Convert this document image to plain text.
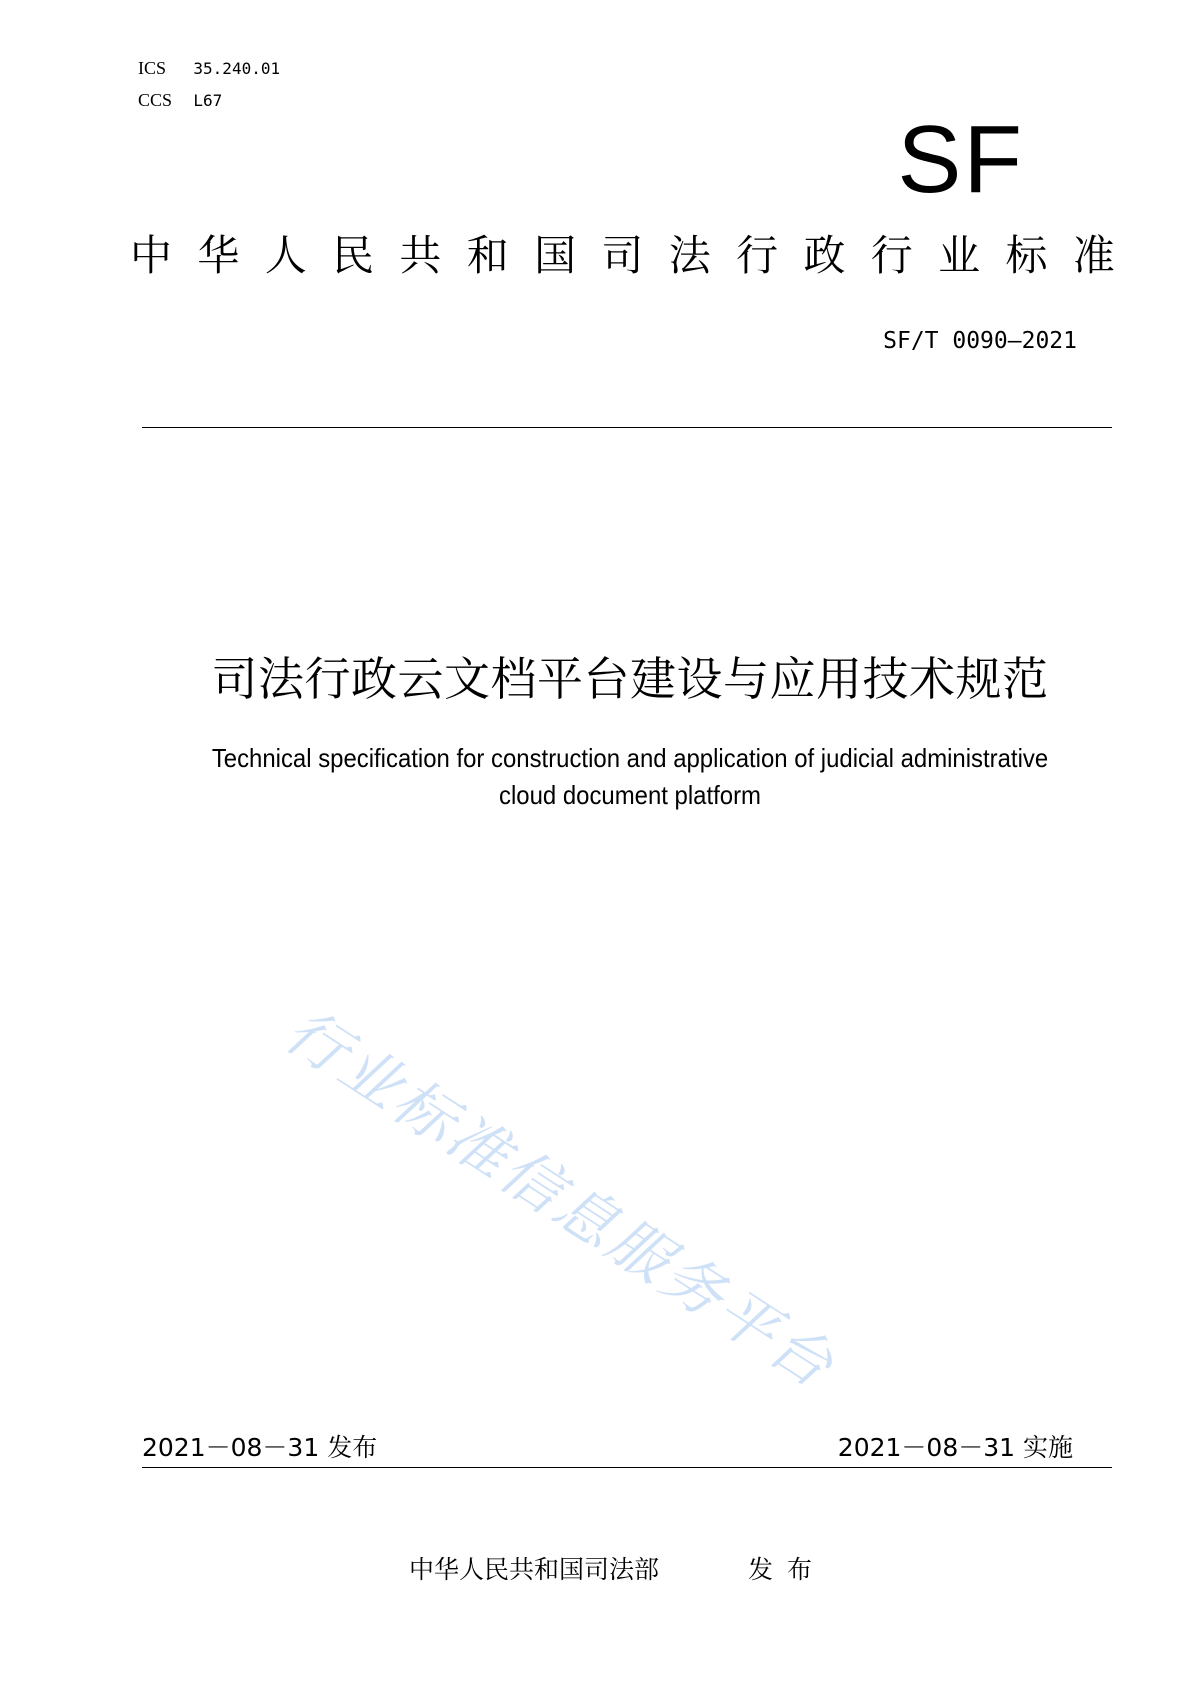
ICS 35.240.01
CCS L67
SF
中 华 人 民 共 和 国 司 法 行 政 行 业 标 准
SF/T 0090—2021
司法行政云文档平台建设与应用技术规范
Technical specification for construction and application of judicial administrative
cloud document platform
行业标准信息服务平台
2021－08－31 发布	2021－08－31 实施
中华人民共和国司法部	发布
